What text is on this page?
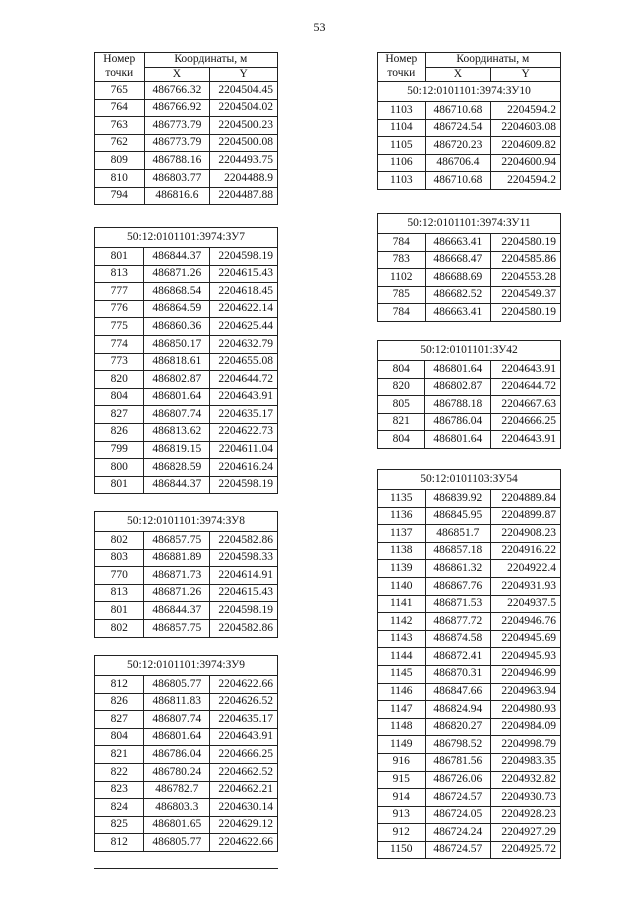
53
Номер
точки	Координаты, м	
	X	Y
765	486766.32	2204504.45
764	486766.92	2204504.02
763	486773.79	2204500.23
762	486773.79	2204500.08
809	486788.16	2204493.75
810	486803.77	2204488.9
794	486816.6	2204487.88
50:12:0101101:3974:ЗУ7		
801	486844.37	2204598.19
813	486871.26	2204615.43
777	486868.54	2204618.45
776	486864.59	2204622.14
775	486860.36	2204625.44
774	486850.17	2204632.79
773	486818.61	2204655.08
820	486802.87	2204644.72
804	486801.64	2204643.91
827	486807.74	2204635.17
826	486813.62	2204622.73
799	486819.15	2204611.04
800	486828.59	2204616.24
801	486844.37	2204598.19
50:12:0101101:3974:ЗУ8		
802	486857.75	2204582.86
803	486881.89	2204598.33
770	486871.73	2204614.91
813	486871.26	2204615.43
801	486844.37	2204598.19
802	486857.75	2204582.86
50:12:0101101:3974:ЗУ9		
812	486805.77	2204622.66
826	486811.83	2204626.52
827	486807.74	2204635.17
804	486801.64	2204643.91
821	486786.04	2204666.25
822	486780.24	2204662.52
823	486782.7	2204662.21
824	486803.3	2204630.14
825	486801.65	2204629.12
812	486805.77	2204622.66
Номер
точки	Координаты, м	
	X	Y
50:12:0101101:3974:ЗУ10		
1103	486710.68	2204594.2
1104	486724.54	2204603.08
1105	486720.23	2204609.82
1106	486706.4	2204600.94
1103	486710.68	2204594.2
50:12:0101101:3974:ЗУ11		
784	486663.41	2204580.19
783	486668.47	2204585.86
1102	486688.69	2204553.28
785	486682.52	2204549.37
784	486663.41	2204580.19
50:12:0101101:ЗУ42		
804	486801.64	2204643.91
820	486802.87	2204644.72
805	486788.18	2204667.63
821	486786.04	2204666.25
804	486801.64	2204643.91
50:12:0101103:ЗУ54		
1135	486839.92	2204889.84
1136	486845.95	2204899.87
1137	486851.7	2204908.23
1138	486857.18	2204916.22
1139	486861.32	2204922.4
1140	486867.76	2204931.93
1141	486871.53	2204937.5
1142	486877.72	2204946.76
1143	486874.58	2204945.69
1144	486872.41	2204945.93
1145	486870.31	2204946.99
1146	486847.66	2204963.94
1147	486824.94	2204980.93
1148	486820.27	2204984.09
1149	486798.52	2204998.79
916	486781.56	2204983.35
915	486726.06	2204932.82
914	486724.57	2204930.73
913	486724.05	2204928.23
912	486724.24	2204927.29
1150	486724.57	2204925.72
